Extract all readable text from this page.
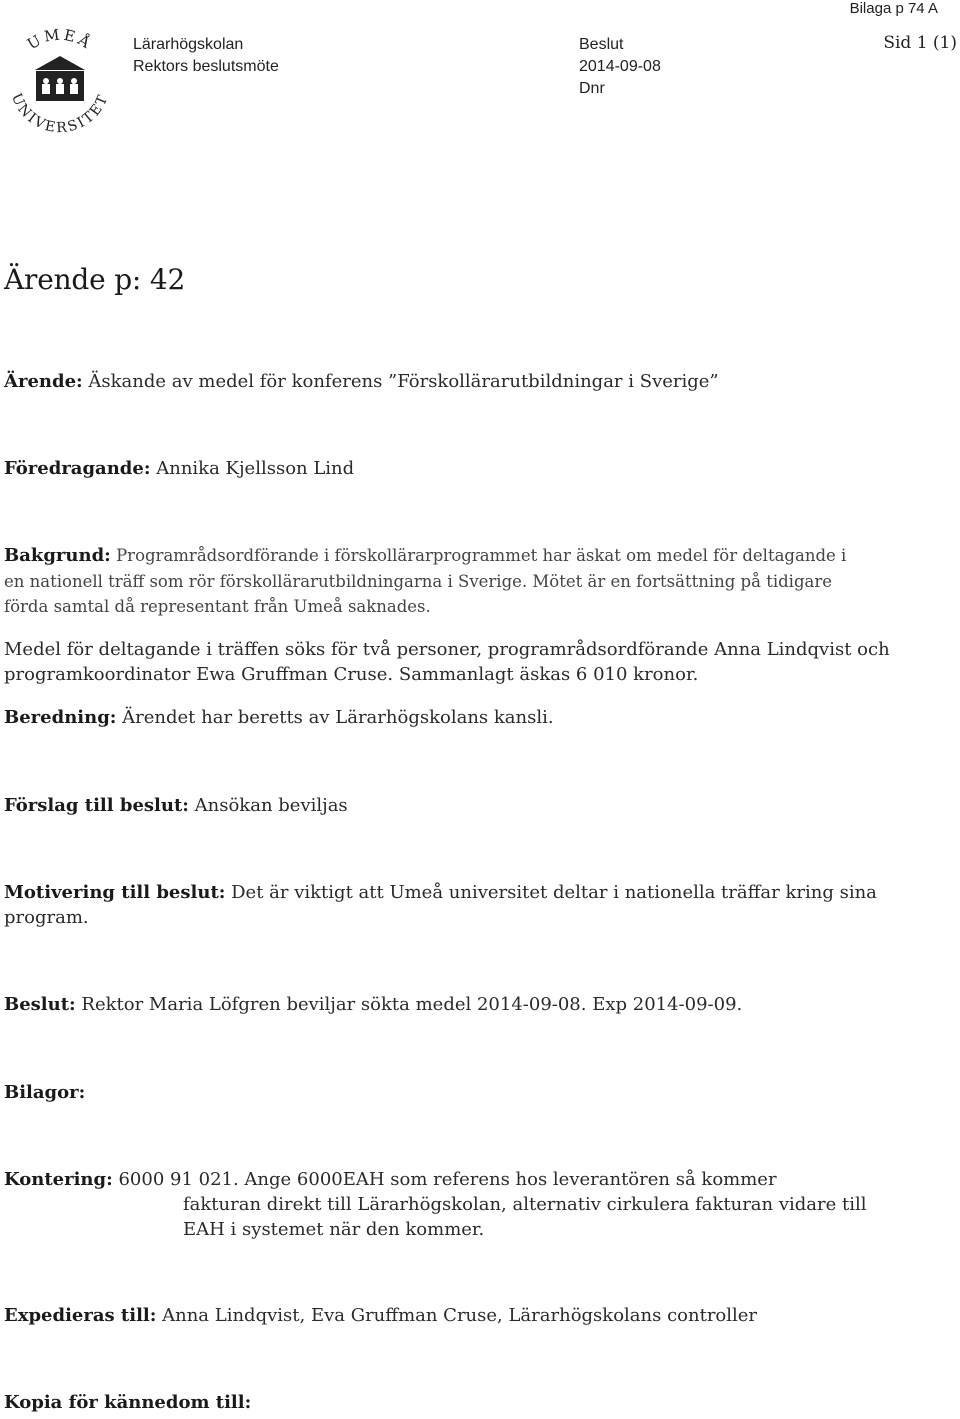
Bilaga p 74 A
UMEÅ
UNIVERSITET
Lärarhögskolan
Rektors beslutsmöte
Beslut
2014-09-08
Dnr
Sid 1 (1)
Ärende p: 42
Ärende: Äskande av medel för konferens ”Förskollärarutbildningar i Sverige”
Föredragande: Annika Kjellsson Lind
Bakgrund: Programrådsordförande i förskollärarprogrammet har äskat om medel för deltagande i en nationell träff som rör förskollärarutbildningarna i Sverige. Mötet är en fortsättning på tidigare förda samtal då representant från Umeå saknades.
Medel för deltagande i träffen söks för två personer, programrådsordförande Anna Lindqvist och programkoordinator Ewa Gruffman Cruse. Sammanlagt äskas 6 010 kronor.
Beredning: Ärendet har beretts av Lärarhögskolans kansli.
Förslag till beslut: Ansökan beviljas
Motivering till beslut: Det är viktigt att Umeå universitet deltar i nationella träffar kring sina program.
Beslut: Rektor Maria Löfgren beviljar sökta medel 2014-09-08. Exp 2014-09-09.
Bilagor:
Kontering: 6000 91 021. Ange 6000EAH som referens hos leverantören så kommer
fakturan direkt till Lärarhögskolan, alternativ cirkulera fakturan vidare till EAH i systemet när den kommer.
Expedieras till: Anna Lindqvist, Eva Gruffman Cruse, Lärarhögskolans controller
Kopia för kännedom till:
